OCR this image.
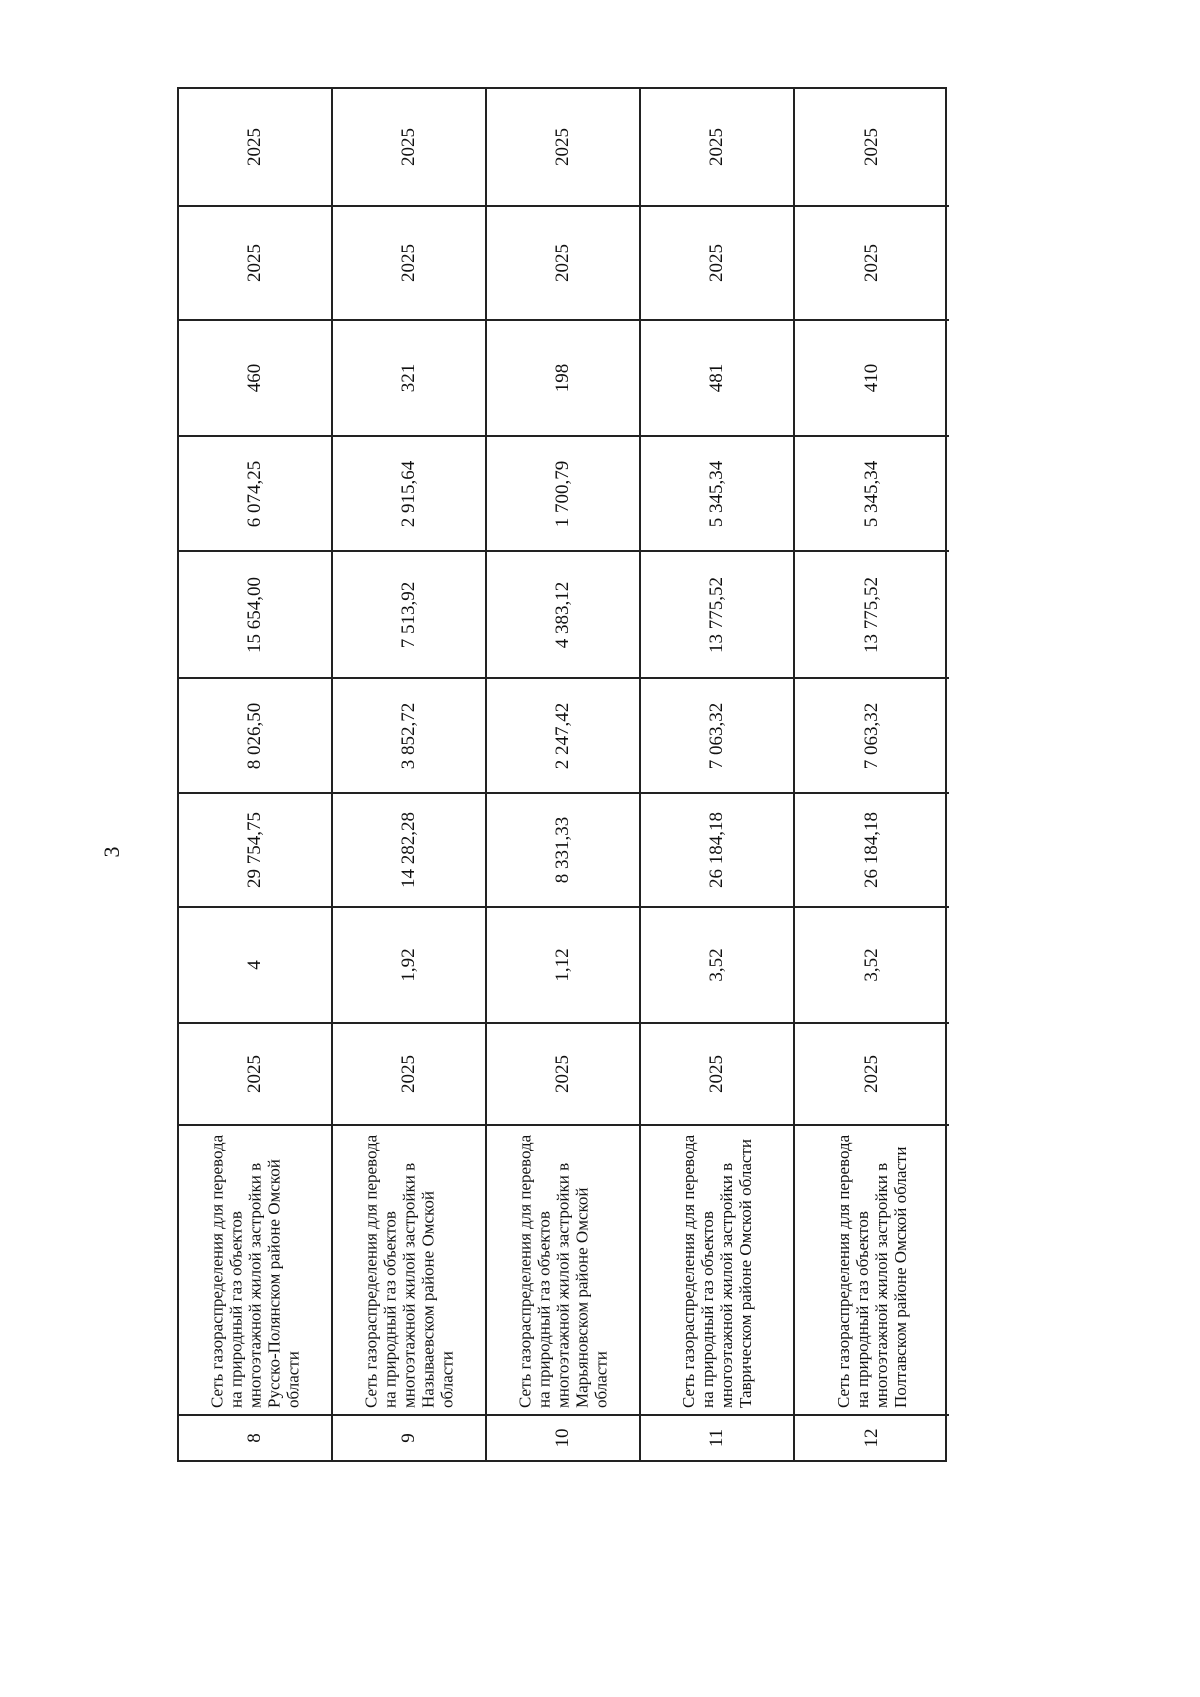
3
2025
2025
460
6 074,25
15 654,00
8 026,50
29 754,75
4
2025
Сеть газораспределения для перевода на природный газ объектов многоэтажной жилой застройки в Русско-Полянском районе Омской области
8
2025
2025
321
2 915,64
7 513,92
3 852,72
14 282,28
1,92
2025
Сеть газораспределения для перевода на природный газ объектов многоэтажной жилой застройки в Называевском районе Омской области
9
2025
2025
198
1 700,79
4 383,12
2 247,42
8 331,33
1,12
2025
Сеть газораспределения для перевода на природный газ объектов многоэтажной жилой застройки в Марьяновском районе Омской области
10
2025
2025
481
5 345,34
13 775,52
7 063,32
26 184,18
3,52
2025
Сеть газораспределения для перевода на природный газ объектов многоэтажной жилой застройки в Таврическом районе Омской области
11
2025
2025
410
5 345,34
13 775,52
7 063,32
26 184,18
3,52
2025
Сеть газораспределения для перевода на природный газ объектов многоэтажной жилой застройки в Полтавском районе Омской области
12
